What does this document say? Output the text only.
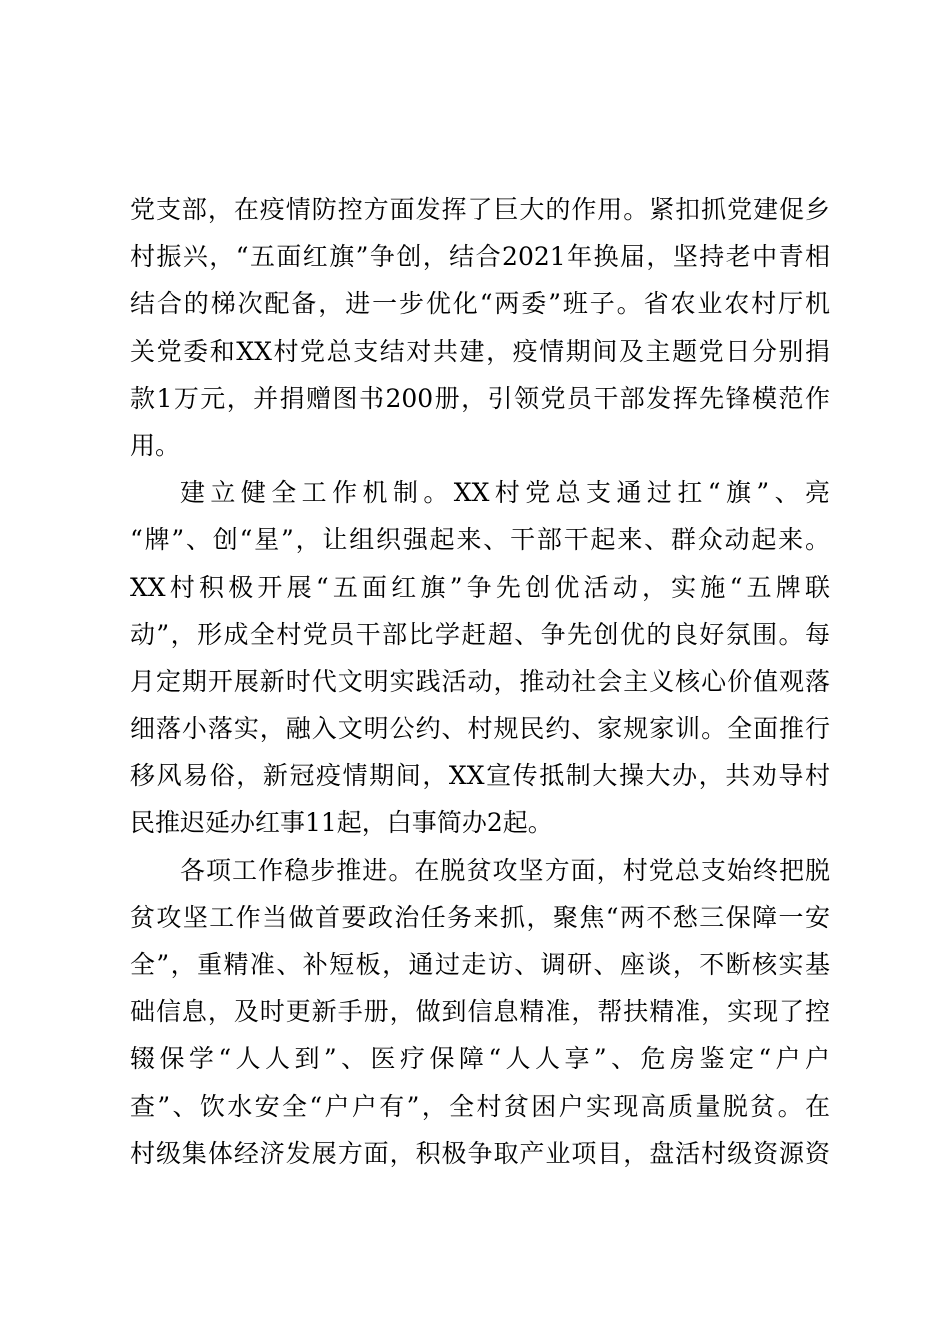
党支部，在疫情防控方面发挥了巨大的作用。紧扣抓党建促乡
村振兴，“五面红旗”争创，结合2021年换届，坚持老中青相
结合的梯次配备，进一步优化“两委”班子。省农业农村厅机
关党委和XX村党总支结对共建，疫情期间及主题党日分别捐
款1万元，并捐赠图书200册，引领党员干部发挥先锋模范作
用。
建立健全工作机制。XX村党总支通过扛“旗”、亮
“牌”、创“星”，让组织强起来、干部干起来、群众动起来。
XX村积极开展“五面红旗”争先创优活动，实施“五牌联
动”，形成全村党员干部比学赶超、争先创优的良好氛围。每
月定期开展新时代文明实践活动，推动社会主义核心价值观落
细落小落实，融入文明公约、村规民约、家规家训。全面推行
移风易俗，新冠疫情期间，XX宣传抵制大操大办，共劝导村
民推迟延办红事11起，白事简办2起。
各项工作稳步推进。在脱贫攻坚方面，村党总支始终把脱
贫攻坚工作当做首要政治任务来抓，聚焦“两不愁三保障一安
全”，重精准、补短板，通过走访、调研、座谈，不断核实基
础信息，及时更新手册，做到信息精准，帮扶精准，实现了控
辍保学“人人到”、医疗保障“人人享”、危房鉴定“户户
查”、饮水安全“户户有”，全村贫困户实现高质量脱贫。在
村级集体经济发展方面，积极争取产业项目，盘活村级资源资
